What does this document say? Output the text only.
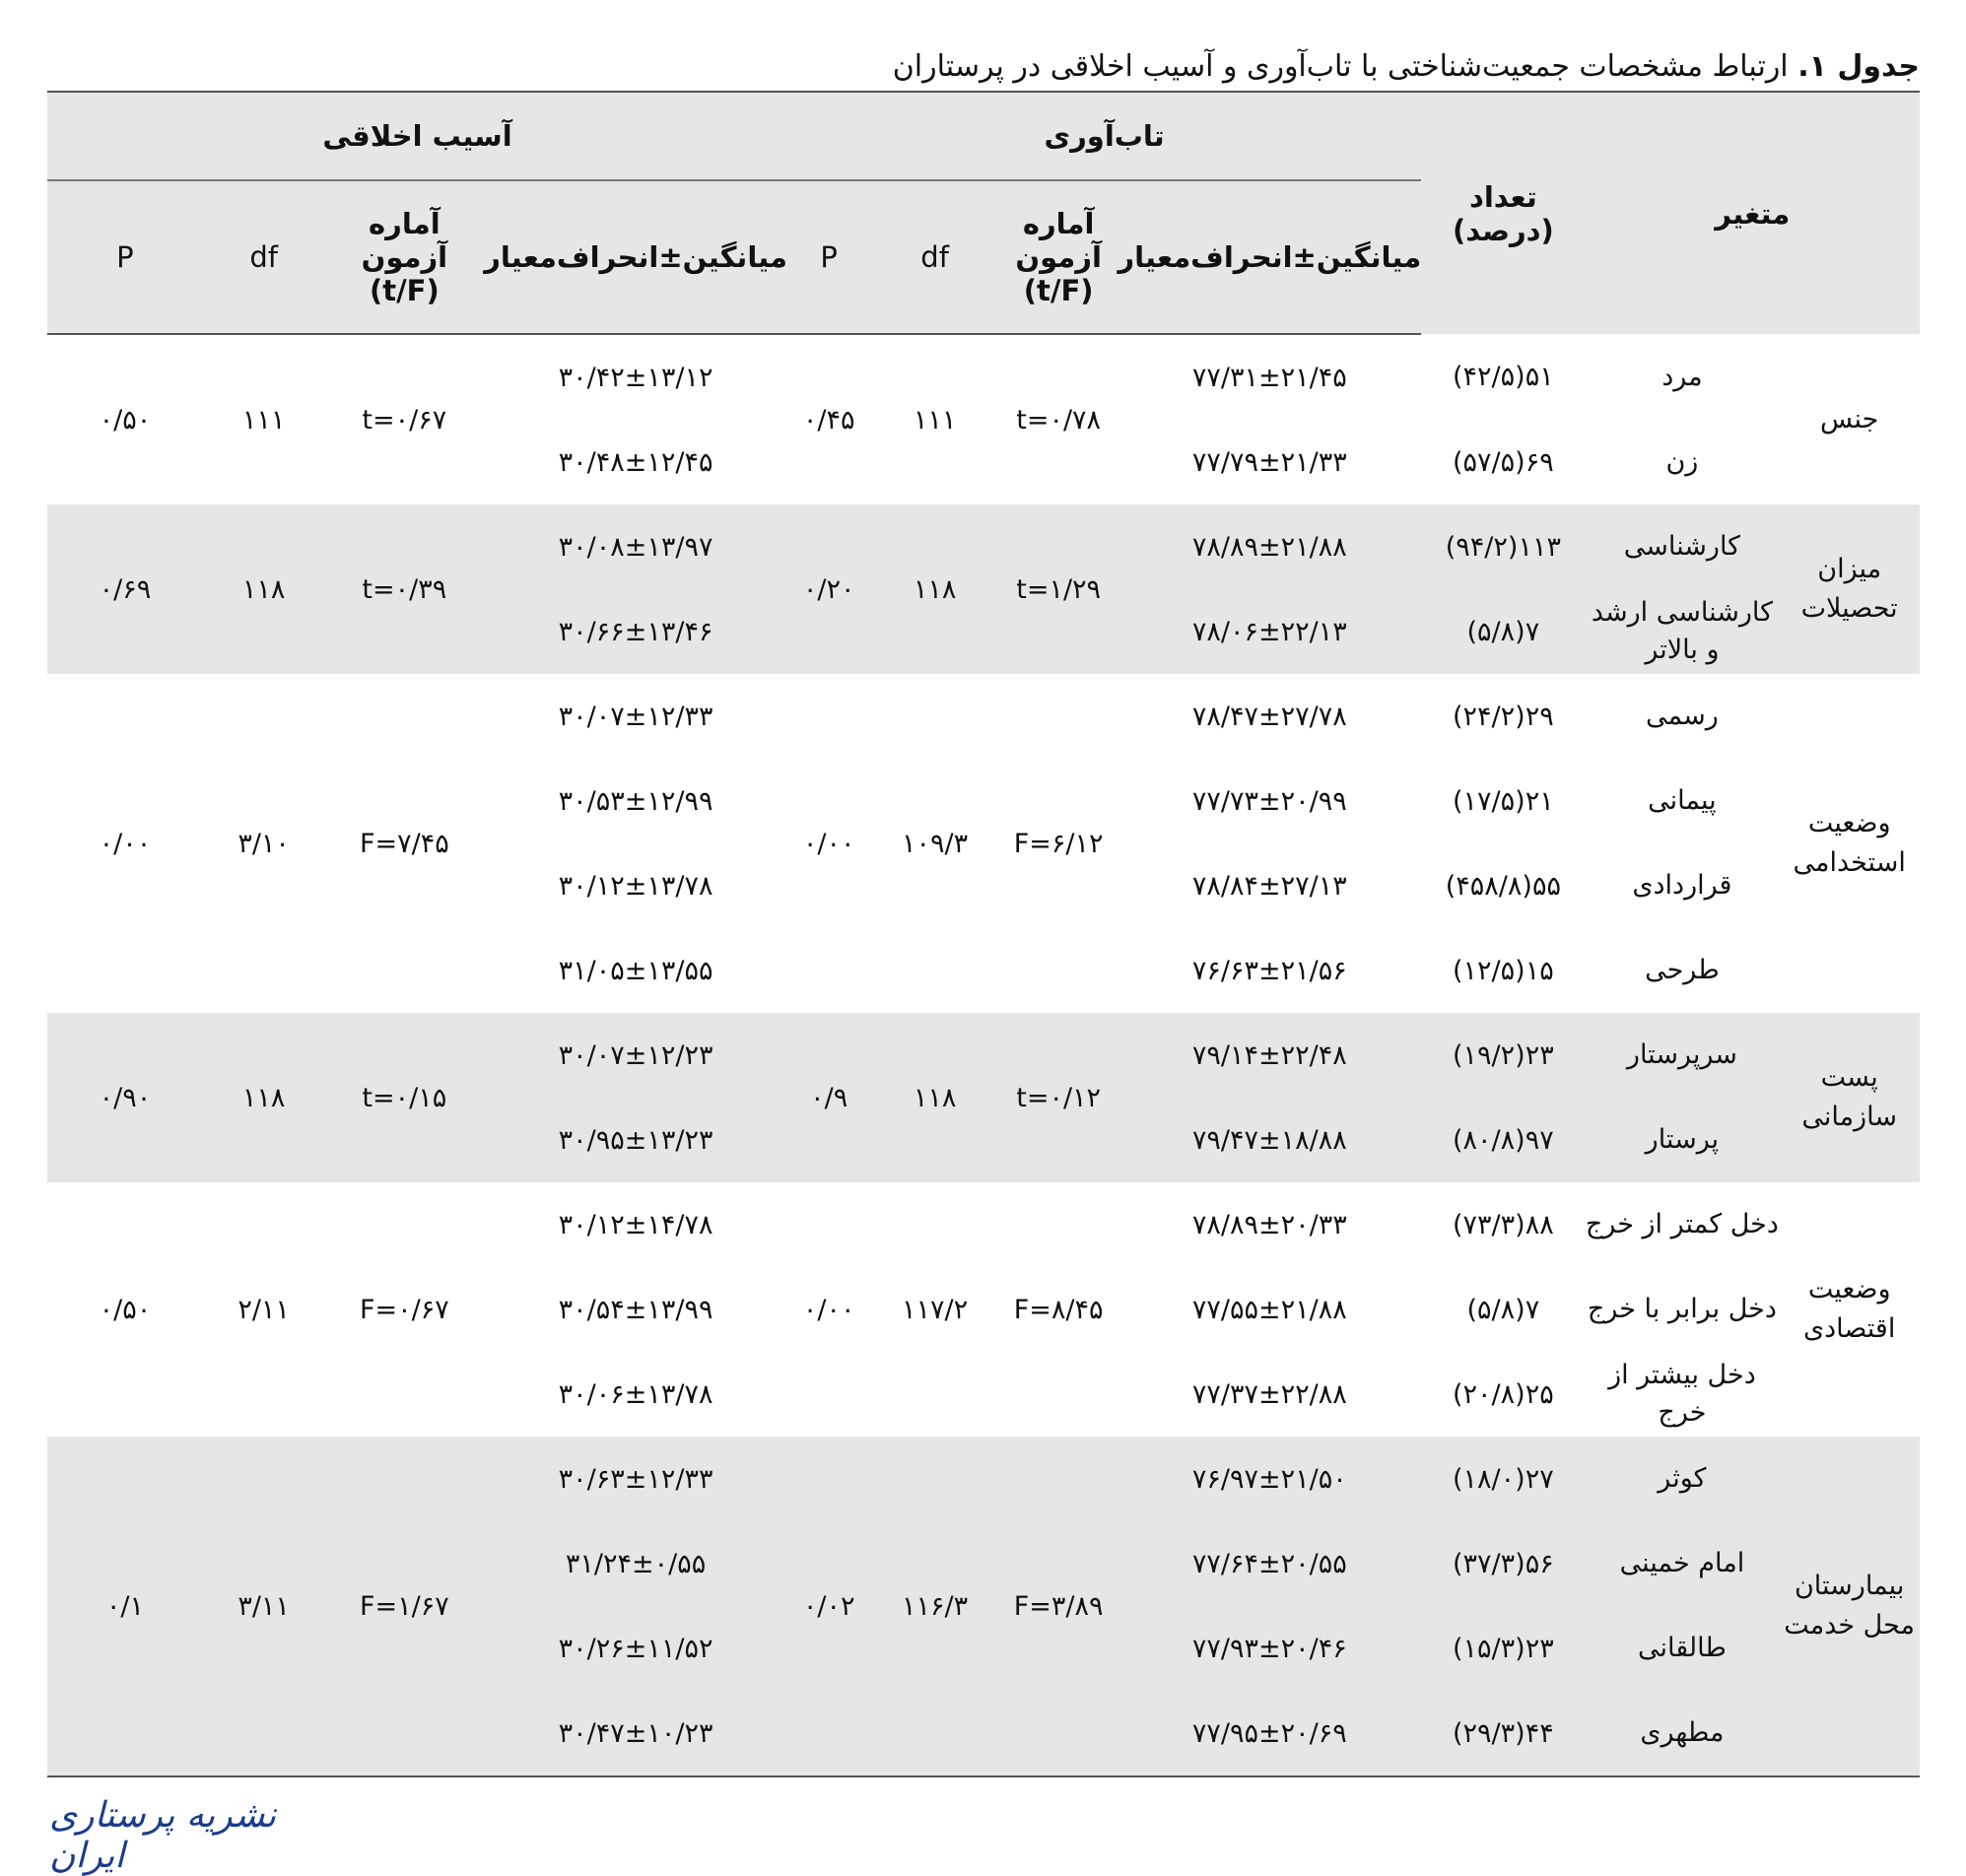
جدول ۱. ارتباط مشخصات جمعیت‌شناختی با تاب‌آوری و آسیب اخلاقی در پرستاران
متغیر		تعداد (درصد)	تاب‌آوری				آسیب اخلاقی			
			میانگین±انحراف‌معیار	آماره آزمون (t/F)	df	P	میانگین±انحراف‌معیار	آماره آزمون (t/F)	df	P
جنس	مرد	۵۱(۴۲/۵)	۷۷/۳۱±۲۱/۴۵	t=۰/۷۸	۱۱۱	۰/۴۵	۳۰/۴۲±۱۳/۱۲	t=۰/۶۷	۱۱۱	۰/۵۰
	زن	۶۹(۵۷/۵)	۷۷/۷۹±۲۱/۳۳				۳۰/۴۸±۱۲/۴۵			
میزان تحصیلات	کارشناسی	۱۱۳(۹۴/۲)	۷۸/۸۹±۲۱/۸۸	t=۱/۲۹	۱۱۸	۰/۲۰	۳۰/۰۸±۱۳/۹۷	t=۰/۳۹	۱۱۸	۰/۶۹
	کارشناسی ارشد و بالاتر	۷(۵/۸)	۷۸/۰۶±۲۲/۱۳				۳۰/۶۶±۱۳/۴۶			
وضعیت استخدامی	رسمی	۲۹(۲۴/۲)	۷۸/۴۷±۲۷/۷۸	F=۶/۱۲	۱۰۹/۳	۰/۰۰	۳۰/۰۷±۱۲/۳۳	F=۷/۴۵	۳/۱۰	۰/۰۰
	پیمانی	۲۱(۱۷/۵)	۷۷/۷۳±۲۰/۹۹				۳۰/۵۳±۱۲/۹۹			
	قراردادی	۵۵(۴۵۸/۸)	۷۸/۸۴±۲۷/۱۳				۳۰/۱۲±۱۳/۷۸			
	طرحی	۱۵(۱۲/۵)	۷۶/۶۳±۲۱/۵۶				۳۱/۰۵±۱۳/۵۵			
پست سازمانی	سرپرستار	۲۳(۱۹/۲)	۷۹/۱۴±۲۲/۴۸	t=۰/۱۲	۱۱۸	۰/۹	۳۰/۰۷±۱۲/۲۳	t=۰/۱۵	۱۱۸	۰/۹۰
	پرستار	۹۷(۸۰/۸)	۷۹/۴۷±۱۸/۸۸				۳۰/۹۵±۱۳/۲۳			
وضعیت اقتصادی	دخل کمتر از خرج	۸۸(۷۳/۳)	۷۸/۸۹±۲۰/۳۳	F=۸/۴۵	۱۱۷/۲	۰/۰۰	۳۰/۱۲±۱۴/۷۸	F=۰/۶۷	۲/۱۱	۰/۵۰
	دخل برابر با خرج	۷(۵/۸)	۷۷/۵۵±۲۱/۸۸				۳۰/۵۴±۱۳/۹۹			
	دخل بیشتر از خرج	۲۵(۲۰/۸)	۷۷/۳۷±۲۲/۸۸				۳۰/۰۶±۱۳/۷۸			
بیمارستان محل خدمت	کوثر	۲۷(۱۸/۰)	۷۶/۹۷±۲۱/۵۰	F=۳/۸۹	۱۱۶/۳	۰/۰۲	۳۰/۶۳±۱۲/۳۳	F=۱/۶۷	۳/۱۱	۰/۱
	امام خمینی	۵۶(۳۷/۳)	۷۷/۶۴±۲۰/۵۵				۳۱/۲۴±۰/۵۵			
	طالقانی	۲۳(۱۵/۳)	۷۷/۹۳±۲۰/۴۶				۳۰/۲۶±۱۱/۵۲			
	مطهری	۴۴(۲۹/۳)	۷۷/۹۵±۲۰/۶۹				۳۰/۴۷±۱۰/۲۳			
نشریه پرستاری ایران
